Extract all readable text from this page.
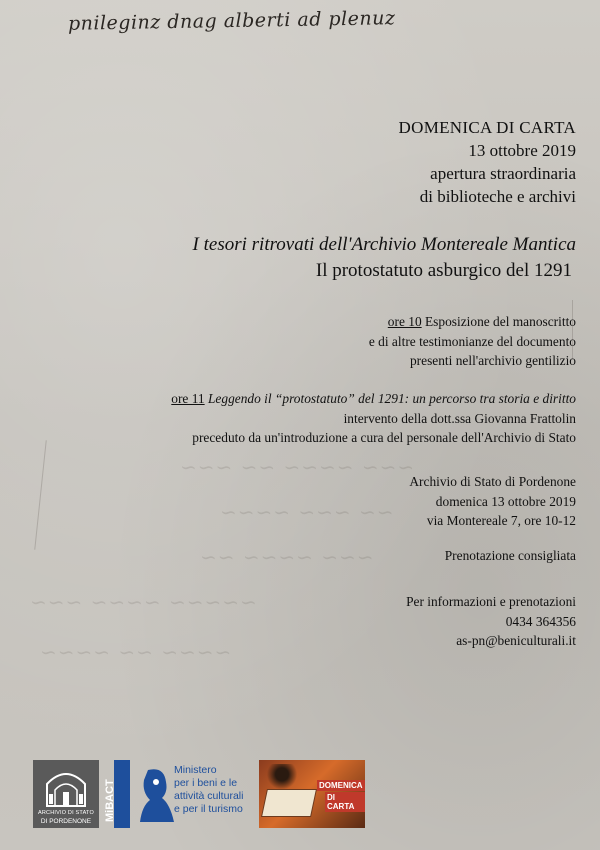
∽∽∽ ∽∽ ∽∽∽∽ ∽∽∽
∽∽∽∽ ∽∽∽ ∽∽
∽∽ ∽∽∽∽ ∽∽∽
∽∽∽ ∽∽∽∽ ∽∽∽∽∽
∽∽∽∽ ∽∽ ∽∽∽∽
pnileginz dnag alberti ad plenuz
DOMENICA DI CARTA
13 ottobre 2019
apertura straordinaria
di biblioteche e archivi
I tesori ritrovati dell'Archivio Montereale Mantica
Il protostatuto asburgico del 1291
ore 10 Esposizione del manoscritto
e di altre testimonianze del documento
presenti nell'archivio gentilizio
ore 11 Leggendo il “protostatuto” del 1291: un percorso tra storia e diritto
intervento della dott.ssa Giovanna Frattolin
preceduto da un'introduzione a cura del personale dell'Archivio di Stato
Archivio di Stato di Pordenone
domenica 13 ottobre 2019
via Montereale 7, ore 10-12
Prenotazione consigliata
Per informazioni e prenotazioni
0434 364356
as-pn@beniculturali.it
ARCHIVIO DI STATO
DI PORDENONE	MiBACT
Ministero
per i beni e le
attività culturali
e per il turismo
DOMENICA
DI CARTA
